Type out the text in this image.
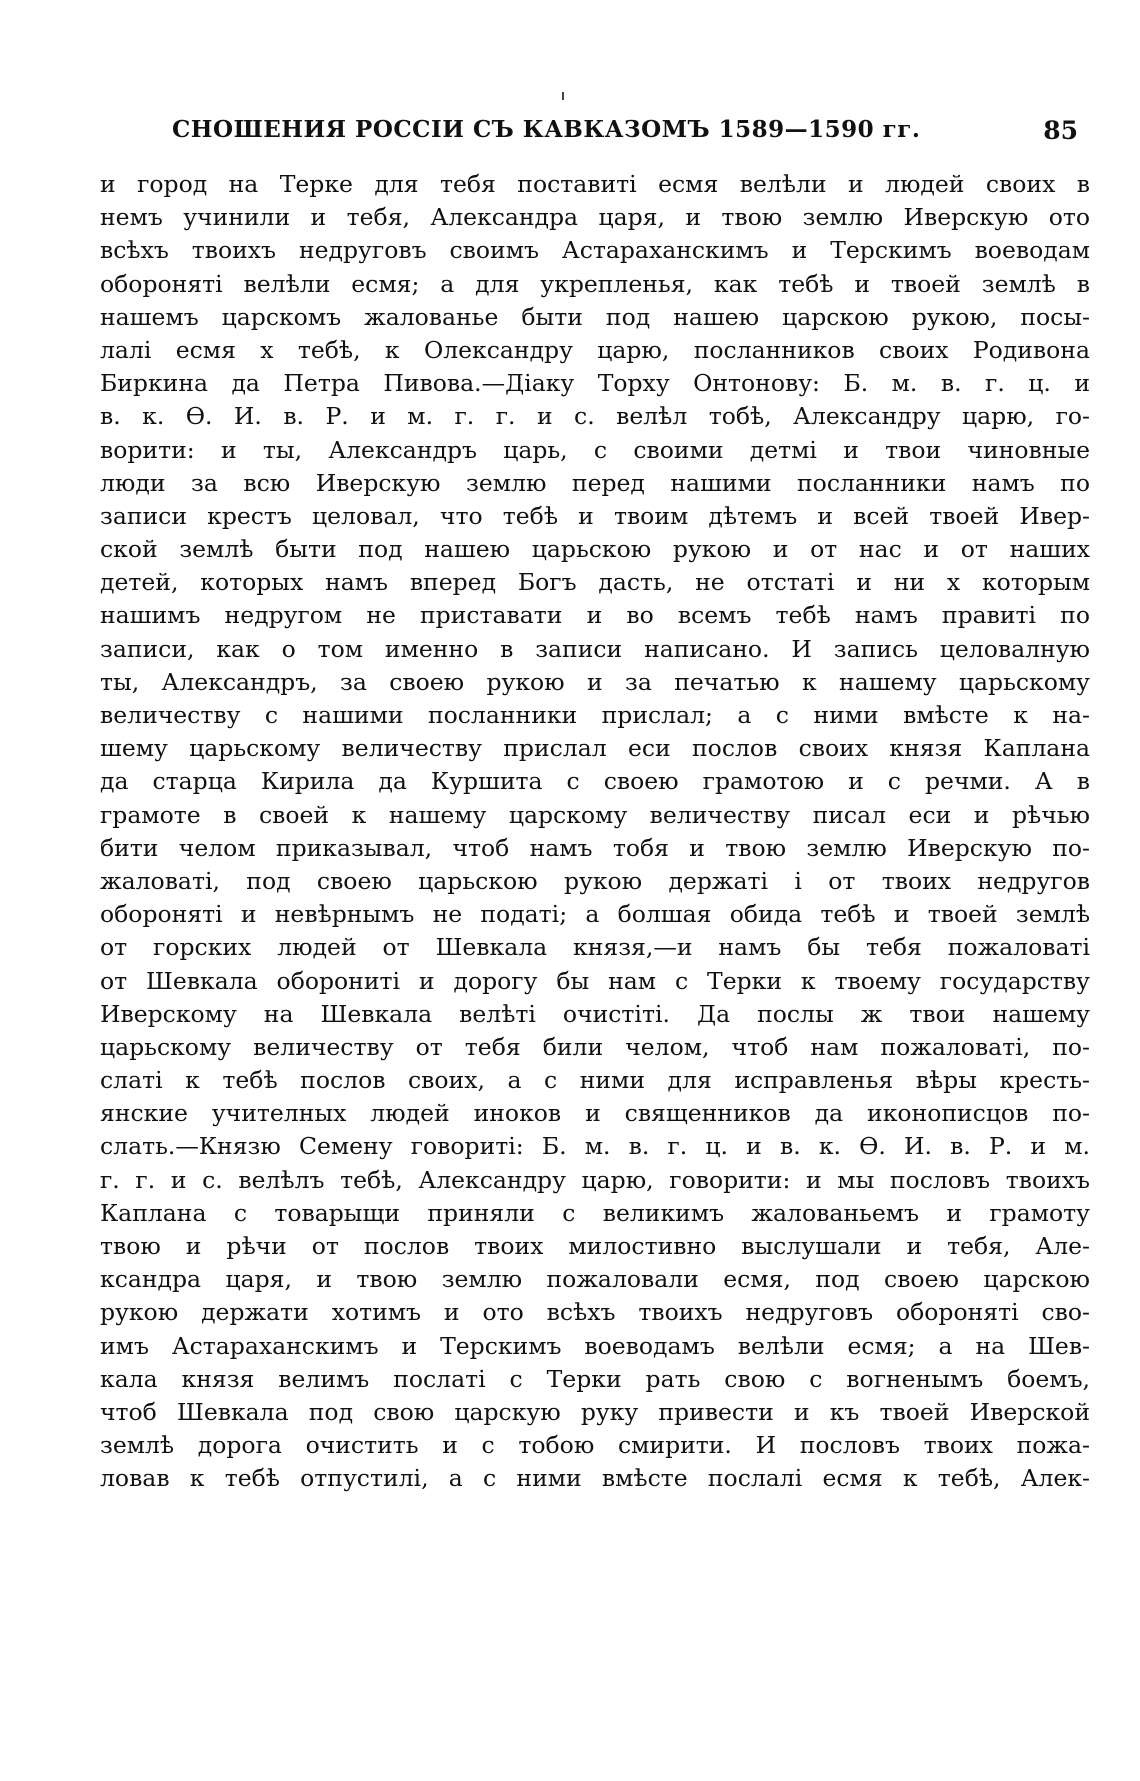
СНОШЕНИЯ РОССІИ СЪ КАВКАЗОМЪ 1589—1590 гг.	85
и город на Терке для тебя поставиті есмя велѣли и людей своих в
немъ учинили и тебя, Александра царя, и твою землю Иверскую ото
всѣхъ твоихъ недруговъ своимъ Астараханскимъ и Терскимъ воеводам
обороняті велѣли есмя; а для укрепленья, как тебѣ и твоей землѣ в
нашемъ царскомъ жалованье быти под нашею царскою рукою, посы-
лалі есмя х тебѣ, к Олександру царю, посланников своих Родивона
Биркина да Петра Пивова.—Діаку Торху Онтонову: Б. м. в. г. ц. и
в. к. Ѳ. И. в. Р. и м. г. г. и с. велѣл тобѣ, Александру царю, го-
ворити: и ты, Александръ царь, с своими детмі и твои чиновные
люди за всю Иверскую землю перед нашими посланники намъ по
записи крестъ целовал, что тебѣ и твоим дѣтемъ и всей твоей Ивер-
ской землѣ быти под нашею царьскою рукою и от нас и от наших
детей, которых намъ вперед Богъ дасть, не отстаті и ни х которым
нашимъ недругом не приставати и во всемъ тебѣ намъ правиті по
записи, как о том именно в записи написано. И запись целовалную
ты, Александръ, за своею рукою и за печатью к нашему царьскому
величеству с нашими посланники прислал; а с ними вмѣсте к на-
шему царьскому величеству прислал еси послов своих князя Каплана
да старца Кирила да Куршита с своею грамотою и с речми. А в
грамоте в своей к нашему царскому величеству писал еси и рѣчью
бити челом приказывал, чтоб намъ тобя и твою землю Иверскую по-
жаловаті, под своею царьскою рукою держаті і от твоих недругов
обороняті и невѣрнымъ не податі; а болшая обида тебѣ и твоей землѣ
от горских людей от Шевкала князя,—и намъ бы тебя пожаловаті
от Шевкала оборониті и дорогу бы нам с Терки к твоему государству
Иверскому на Шевкала велѣті очистіті. Да послы ж твои нашему
царьскому величеству от тебя били челом, чтоб нам пожаловаті, по-
слаті к тебѣ послов своих, а с ними для исправленья вѣры кресть-
янские учителных людей иноков и священников да иконописцов по-
слать.—Князю Семену говориті: Б. м. в. г. ц. и в. к. Ѳ. И. в. Р. и м.
г. г. и с. велѣлъ тебѣ, Александру царю, говорити: и мы пословъ твоихъ
Каплана с товарыщи приняли с великимъ жалованьемъ и грамоту
твою и рѣчи от послов твоих милостивно выслушали и тебя, Але-
ксандра царя, и твою землю пожаловали есмя, под своею царскою
рукою держати хотимъ и ото всѣхъ твоихъ недруговъ обороняті сво-
имъ Астараханскимъ и Терскимъ воеводамъ велѣли есмя; а на Шев-
кала князя велимъ послаті с Терки рать свою с вогненымъ боемъ,
чтоб Шевкала под свою царскую руку привести и къ твоей Иверской
землѣ дорога очистить и с тобою смирити. И пословъ твоих пожа-
ловав к тебѣ отпустилі, а с ними вмѣсте послалі есмя к тебѣ, Алек-
